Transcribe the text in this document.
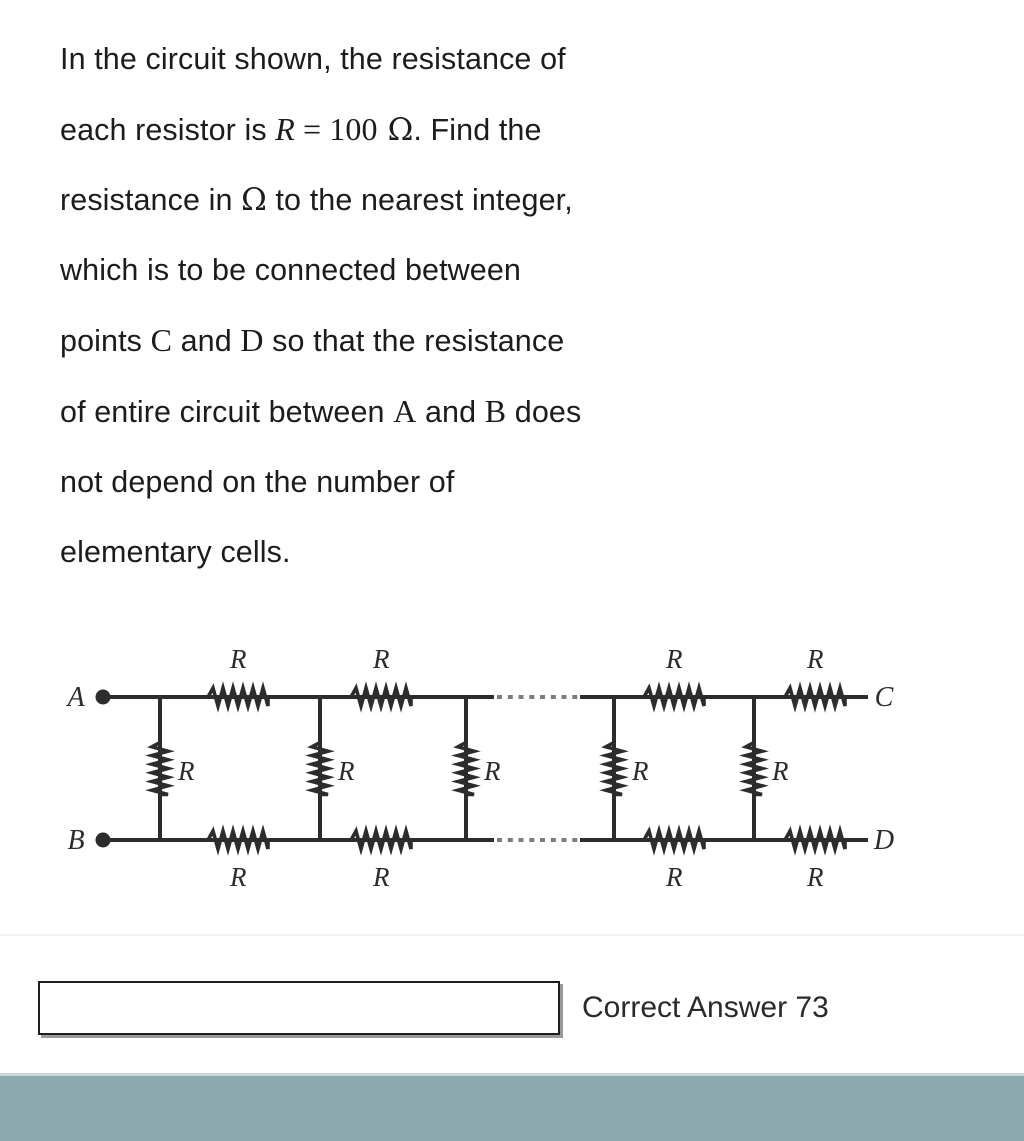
In the circuit shown, the resistance of
each resistor is R = 100 Ω. Find the
resistance in Ω to the nearest integer,
which is to be connected between
points C and D so that the resistance
of entire circuit between A and B does
not depend on the number of
elementary cells.
R	R	R	R
R	R	R	R
R	R	R	R	R
A
B
C
D
Correct Answer 73
